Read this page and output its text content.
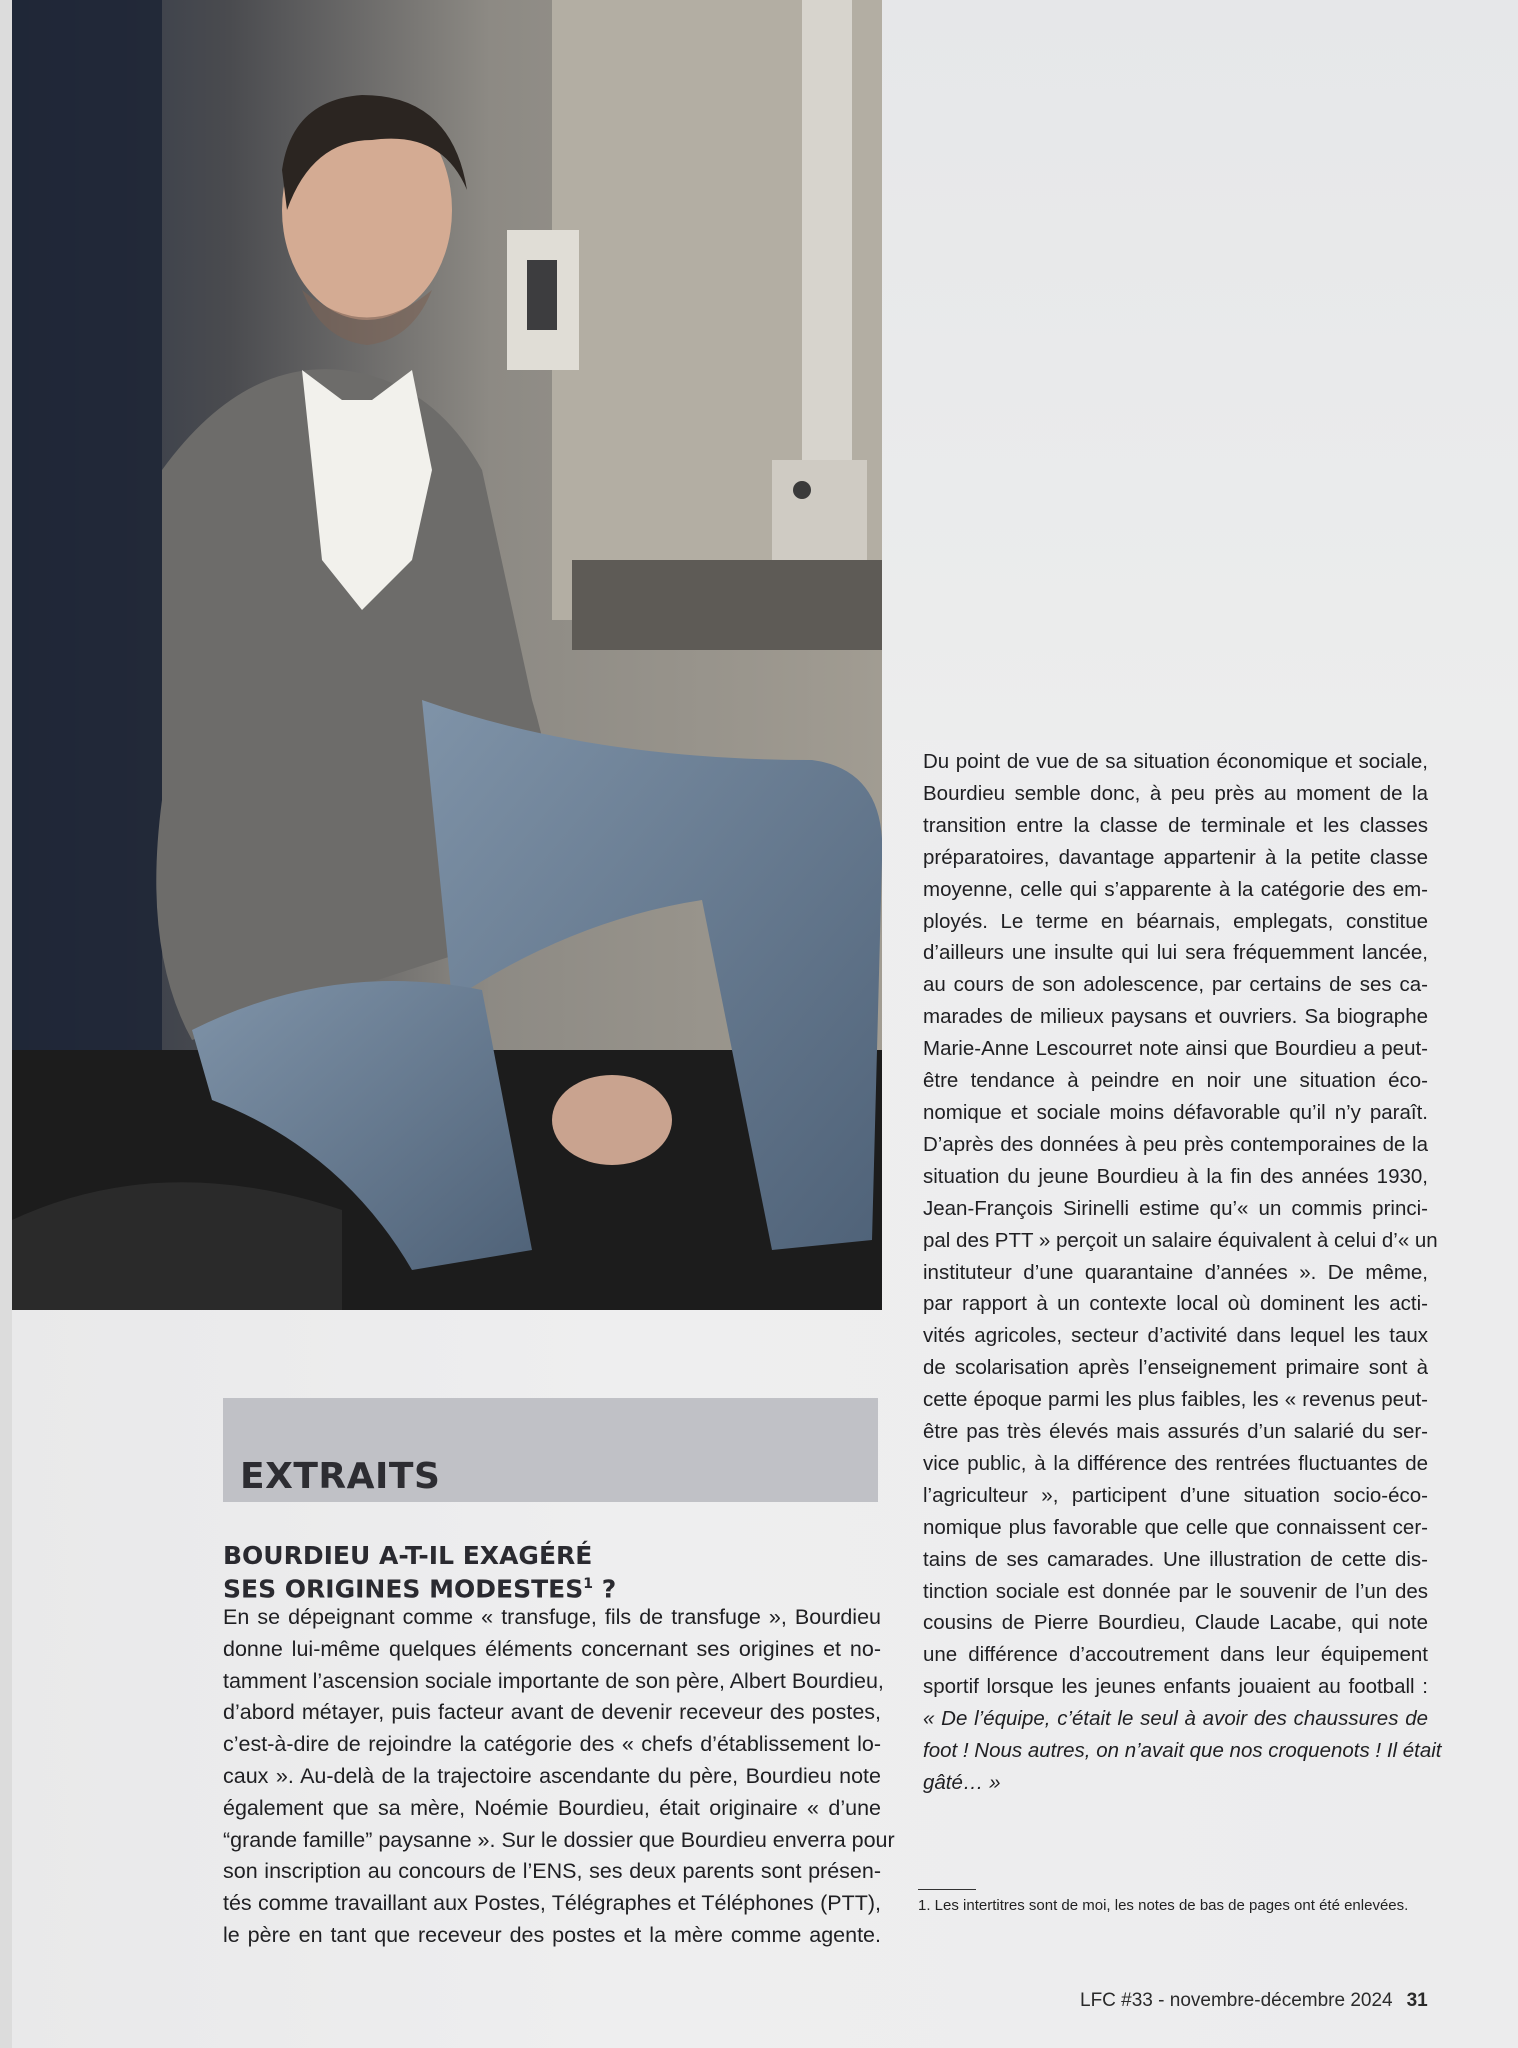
EXTRAITS
BOURDIEU A-T-IL EXAGÉRÉ
SES ORIGINES MODESTES$^1$ ?
En se dépeignant comme « transfuge, fils de transfuge », Bourdieu
donne lui-même quelques éléments concernant ses origines et no-
tamment l’ascension sociale importante de son père, Albert Bourdieu,
d’abord métayer, puis facteur avant de devenir receveur des postes,
c’est-à-dire de rejoindre la catégorie des « chefs d’établissement lo-
caux ». Au-delà de la trajectoire ascendante du père, Bourdieu note
également que sa mère, Noémie Bourdieu, était originaire « d’une
“grande famille” paysanne ». Sur le dossier que Bourdieu enverra pour
son inscription au concours de l’ENS, ses deux parents sont présen-
tés comme travaillant aux Postes, Télégraphes et Téléphones (PTT),
le père en tant que receveur des postes et la mère comme agente.
Du point de vue de sa situation économique et sociale,
Bourdieu semble donc, à peu près au moment de la
transition entre la classe de terminale et les classes
préparatoires, davantage appartenir à la petite classe
moyenne, celle qui s’apparente à la catégorie des em-
ployés. Le terme en béarnais, emplegats, constitue
d’ailleurs une insulte qui lui sera fréquemment lancée,
au cours de son adolescence, par certains de ses ca-
marades de milieux paysans et ouvriers. Sa biographe
Marie-Anne Lescourret note ainsi que Bourdieu a peut-
être tendance à peindre en noir une situation éco-
nomique et sociale moins défavorable qu’il n’y paraît.
D’après des données à peu près contemporaines de la
situation du jeune Bourdieu à la fin des années 1930,
Jean-François Sirinelli estime qu’« un commis princi-
pal des PTT » perçoit un salaire équivalent à celui d’« un
instituteur d’une quarantaine d’années ». De même,
par rapport à un contexte local où dominent les acti-
vités agricoles, secteur d’activité dans lequel les taux
de scolarisation après l’enseignement primaire sont à
cette époque parmi les plus faibles, les « revenus peut-
être pas très élevés mais assurés d’un salarié du ser-
vice public, à la différence des rentrées fluctuantes de
l’agriculteur », participent d’une situation socio-éco-
nomique plus favorable que celle que connaissent cer-
tains de ses camarades. Une illustration de cette dis-
tinction sociale est donnée par le souvenir de l’un des
cousins de Pierre Bourdieu, Claude Lacabe, qui note
une différence d’accoutrement dans leur équipement
sportif lorsque les jeunes enfants jouaient au football :
« De l’équipe, c’était le seul à avoir des chaussures de
foot ! Nous autres, on n’avait que nos croquenots ! Il était
gâté… »
1. Les intertitres sont de moi, les notes de bas de pages ont été enlevées.
LFC #33 - novembre-décembre 2024 31
